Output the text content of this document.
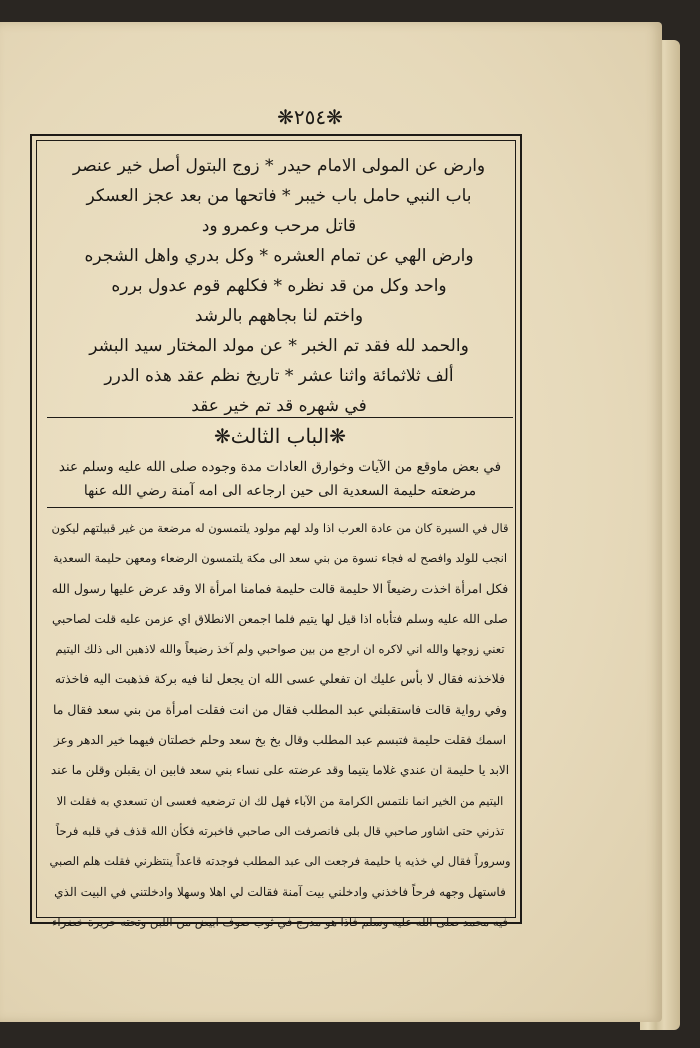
❋٢٥٤❋
وارض عن المولى الامام حيدر * زوج البتول أصل خير عنصر
باب النبي حامل باب خيبر * فاتحها من بعد عجز العسكر
قاتل مرحب وعمرو ود
وارض الهي عن تمام العشره * وكل بدري واهل الشجره
واحد وكل من قد نظره * فكلهم قوم عدول برره
واختم لنا بجاههم بالرشد
والحمد لله فقد تم الخبر * عن مولد المختار سيد البشر
ألف ثلاثمائة واثنا عشر * تاريخ نظم عقد هذه الدرر
في شهره قد تم خير عقد
❋الباب الثالث❋
في بعض ماوقع من الآيات وخوارق العادات مدة وجوده صلى الله عليه وسلم عند
مرضعته حليمة السعدية الى حين ارجاعه الى امه آمنة رضي الله عنها
قال في السيرة كان من عادة العرب اذا ولد لهم مولود يلتمسون له مرضعة من غير قبيلتهم ليكون
انجب للولد وافصح له فجاء نسوة من بني سعد الى مكة يلتمسون الرضعاء ومعهن حليمة السعدية
فكل امرأة اخذت رضيعاً الا حليمة قالت حليمة فمامنا امرأة الا وقد عرض عليها رسول الله
صلى الله عليه وسلم فتأباه اذا قيل لها يتيم فلما اجمعن الانطلاق اي عزمن عليه قلت لصاحبي
تعني زوجها والله اني لاكره ان ارجع من بين صواحبي ولم آخذ رضيعاً والله لاذهبن الى ذلك اليتيم
فلاخذنه فقال لا بأس عليك ان تفعلي عسى الله ان يجعل لنا فيه بركة فذهبت اليه فاخذته
وفي رواية قالت فاستقبلني عبد المطلب فقال من انت فقلت امرأة من بني سعد فقال ما
اسمك فقلت حليمة فتبسم عبد المطلب وقال بخ بخ سعد وحلم خصلتان فيهما خير الدهر وعز
الابد يا حليمة ان عندي غلاما يتيما وقد عرضته على نساء بني سعد فابين ان يقبلن وقلن ما عند
اليتيم من الخير انما نلتمس الكرامة من الآباء فهل لك ان ترضعيه فعسى ان تسعدي به فقلت الا
تذرني حتى اشاور صاحبي قال بلى فانصرفت الى صاحبي فاخبرته فكأن الله قذف في قلبه فرحاً
وسروراً فقال لي خذيه يا حليمة فرجعت الى عبد المطلب فوجدته قاعداً ينتظرني فقلت هلم الصبي
فاستهل وجهه فرحاً فاخذني وادخلني بيت آمنة فقالت لي اهلا وسهلا وادخلتني في البيت الذي
فيه محمد صلى الله عليه وسلم فاذا هو مدرج في ثوب صوف ابيض من اللبن وتحته حريرة خضراء
